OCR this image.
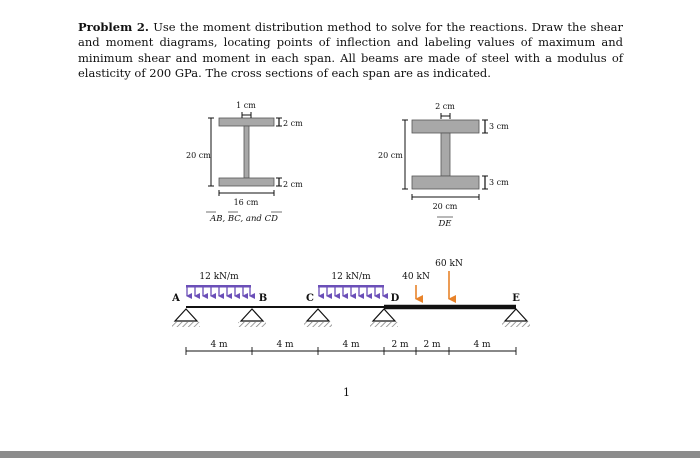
Problem 2. Use the moment distribution method to solve for the reactions. Draw the shear and moment diagrams, locating points of inflection and labeling values of maximum and minimum shear and moment in each span. All beams are made of steel with a modulus of elasticity of 200 GPa. The cross sections of each span are as indicated.

1 cm
2 cm
2 cm
20 cm
16 cm
AB, BC, and CD
2 cm
3 cm
3 cm
20 cm
20 cm
DE
12 kN/m	12 kN/m	40 kN
60 kN
A	B	C	D	E
4 m	4 m	4 m	2 m 2 m	4 m
1
